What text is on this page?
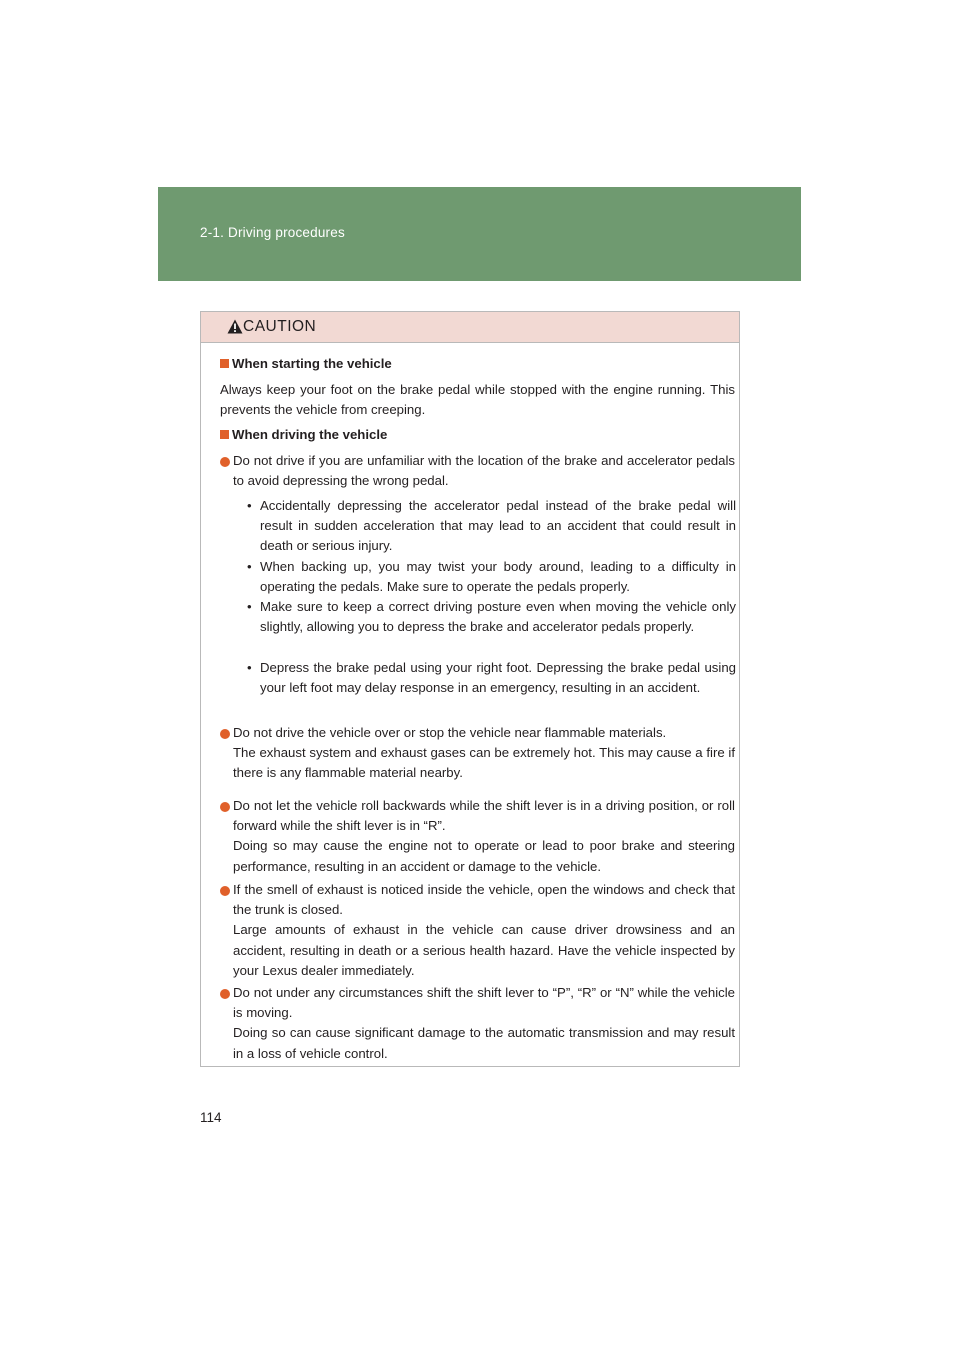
2-1. Driving procedures
CAUTION
When starting the vehicle
Always keep your foot on the brake pedal while stopped with the engine running. This prevents the vehicle from creeping.
When driving the vehicle
Do not drive if you are unfamiliar with the location of the brake and accelerator pedals to avoid depressing the wrong pedal.
• Accidentally depressing the accelerator pedal instead of the brake pedal will result in sudden acceleration that may lead to an accident that could result in death or serious injury.
• When backing up, you may twist your body around, leading to a difficulty in operating the pedals. Make sure to operate the pedals properly.
• Make sure to keep a correct driving posture even when moving the vehicle only slightly, allowing you to depress the brake and accelerator pedals properly.
• Depress the brake pedal using your right foot. Depressing the brake pedal using your left foot may delay response in an emergency, resulting in an accident.
Do not drive the vehicle over or stop the vehicle near flammable materials.
The exhaust system and exhaust gases can be extremely hot. This may cause a fire if there is any flammable material nearby.
Do not let the vehicle roll backwards while the shift lever is in a driving position, or roll forward while the shift lever is in “R”.
Doing so may cause the engine not to operate or lead to poor brake and steering performance, resulting in an accident or damage to the vehicle.
If the smell of exhaust is noticed inside the vehicle, open the windows and check that the trunk is closed.
Large amounts of exhaust in the vehicle can cause driver drowsiness and an accident, resulting in death or a serious health hazard. Have the vehicle inspected by your Lexus dealer immediately.
Do not under any circumstances shift the shift lever to “P”, “R” or “N” while the vehicle is moving.
Doing so can cause significant damage to the automatic transmission and may result in a loss of vehicle control.
114
